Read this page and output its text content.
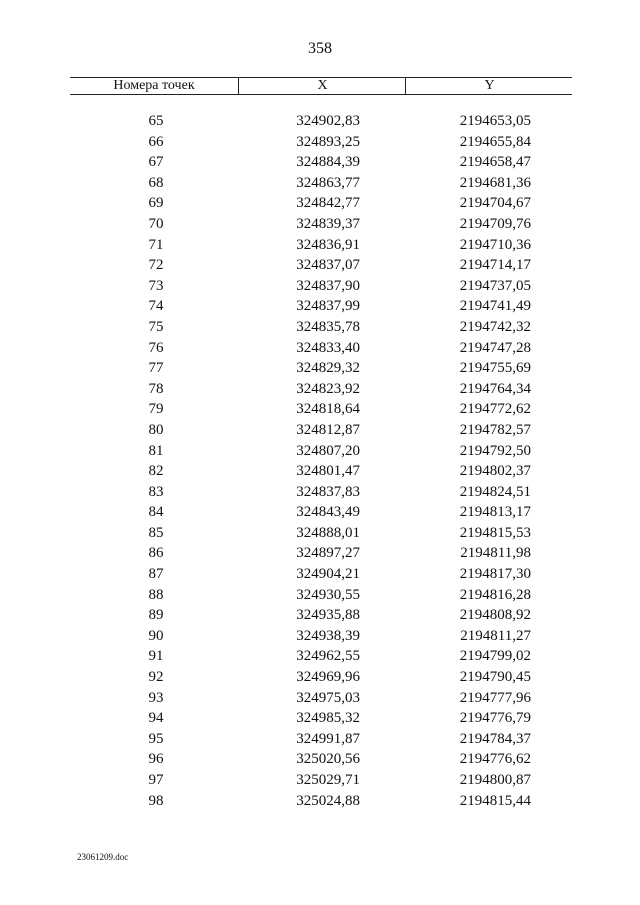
358
Номера точек	X	Y
65	324902,83	2194653,05
66	324893,25	2194655,84
67	324884,39	2194658,47
68	324863,77	2194681,36
69	324842,77	2194704,67
70	324839,37	2194709,76
71	324836,91	2194710,36
72	324837,07	2194714,17
73	324837,90	2194737,05
74	324837,99	2194741,49
75	324835,78	2194742,32
76	324833,40	2194747,28
77	324829,32	2194755,69
78	324823,92	2194764,34
79	324818,64	2194772,62
80	324812,87	2194782,57
81	324807,20	2194792,50
82	324801,47	2194802,37
83	324837,83	2194824,51
84	324843,49	2194813,17
85	324888,01	2194815,53
86	324897,27	2194811,98
87	324904,21	2194817,30
88	324930,55	2194816,28
89	324935,88	2194808,92
90	324938,39	2194811,27
91	324962,55	2194799,02
92	324969,96	2194790,45
93	324975,03	2194777,96
94	324985,32	2194776,79
95	324991,87	2194784,37
96	325020,56	2194776,62
97	325029,71	2194800,87
98	325024,88	2194815,44
23061209.doc
